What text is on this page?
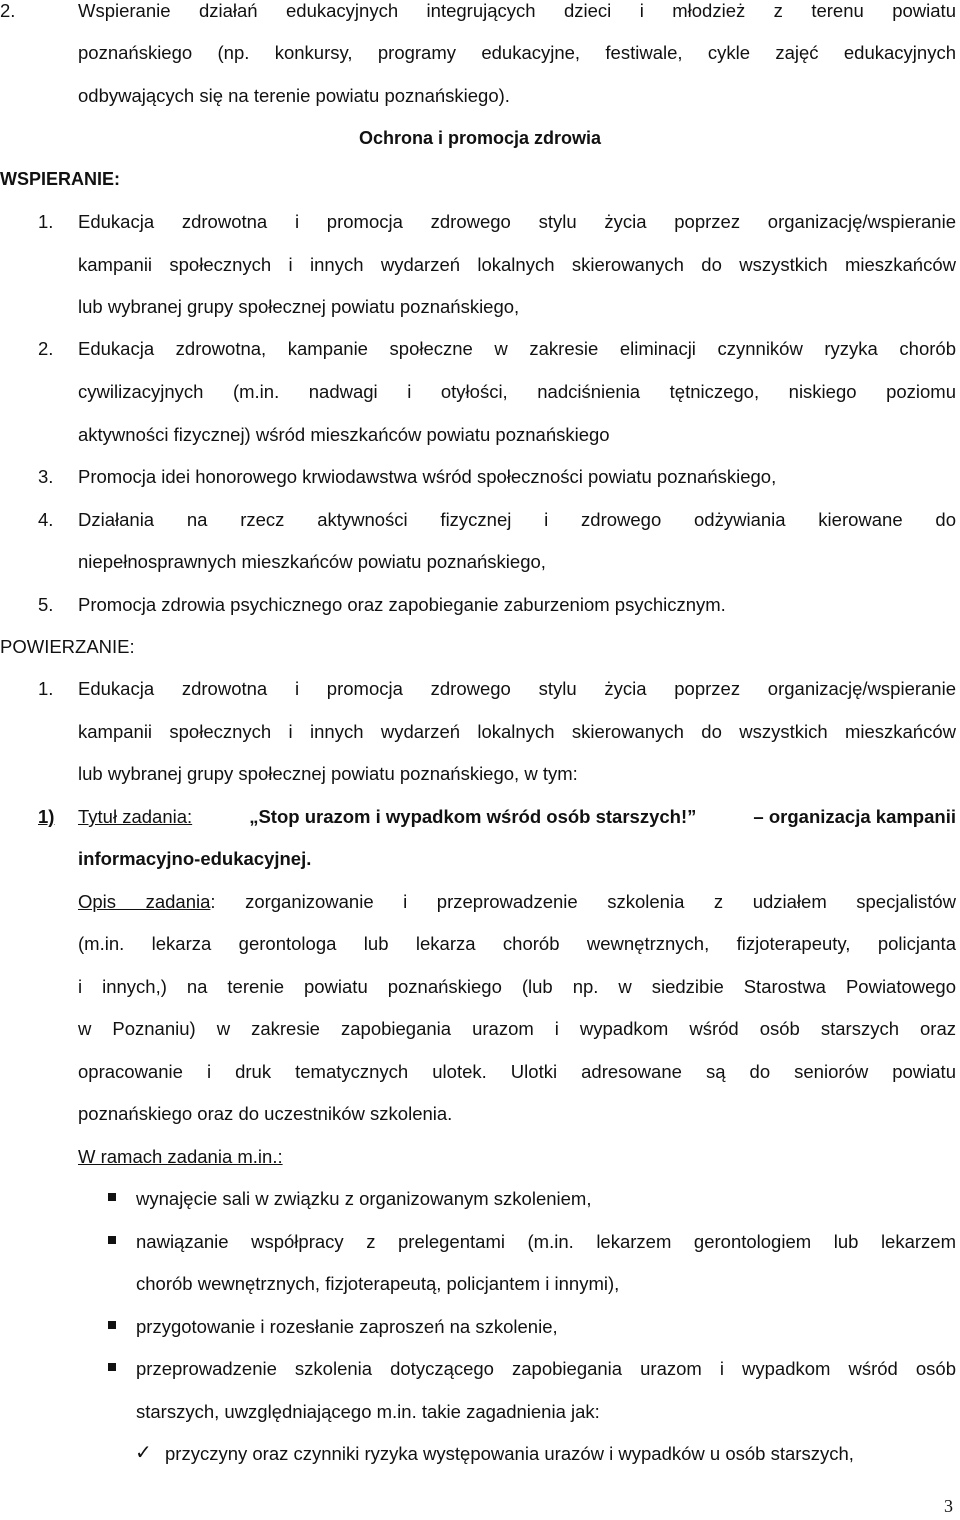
2.	Wspieranie działań edukacyjnych integrujących dzieci i młodzież z terenu powiatu
poznańskiego (np. konkursy, programy edukacyjne, festiwale, cykle zajęć edukacyjnych
odbywających się na terenie powiatu poznańskiego).
Ochrona i promocja zdrowia
WSPIERANIE:
1. Edukacja zdrowotna i promocja zdrowego stylu życia poprzez organizację/wspieranie
kampanii społecznych i innych wydarzeń lokalnych skierowanych do wszystkich mieszkańców
lub wybranej grupy społecznej powiatu poznańskiego,
2. Edukacja zdrowotna, kampanie społeczne w zakresie eliminacji czynników ryzyka chorób
cywilizacyjnych (m.in. nadwagi i otyłości, nadciśnienia tętniczego, niskiego poziomu
aktywności fizycznej) wśród mieszkańców powiatu poznańskiego
3. Promocja idei honorowego krwiodawstwa wśród społeczności powiatu poznańskiego,
4. Działania na rzecz aktywności fizycznej i zdrowego odżywiania kierowane do
niepełnosprawnych mieszkańców powiatu poznańskiego,
5. Promocja zdrowia psychicznego oraz zapobieganie zaburzeniom psychicznym.
POWIERZANIE:
1. Edukacja zdrowotna i promocja zdrowego stylu życia poprzez organizację/wspieranie
kampanii społecznych i innych wydarzeń lokalnych skierowanych do wszystkich mieszkańców
lub wybranej grupy społecznej powiatu poznańskiego, w tym:
1) Tytuł zadania:	„Stop urazom i wypadkom wśród osób starszych!”	– organizacja kampanii
informacyjno-edukacyjnej.
Opis zadania: zorganizowanie i przeprowadzenie szkolenia z udziałem specjalistów
(m.in. lekarza gerontologa lub lekarza chorób wewnętrznych, fizjoterapeuty, policjanta
i innych,) na terenie powiatu poznańskiego (lub np. w siedzibie Starostwa Powiatowego
w Poznaniu) w zakresie zapobiegania urazom i wypadkom wśród osób starszych oraz
opracowanie i druk tematycznych ulotek. Ulotki adresowane są do seniorów powiatu
poznańskiego oraz do uczestników szkolenia.
W ramach zadania m.in.:
wynajęcie sali w związku z organizowanym szkoleniem,
nawiązanie współpracy z prelegentami (m.in. lekarzem gerontologiem lub lekarzem
chorób wewnętrznych, fizjoterapeutą, policjantem i innymi),
przygotowanie i rozesłanie zaproszeń na szkolenie,
przeprowadzenie szkolenia dotyczącego zapobiegania urazom i wypadkom wśród osób
starszych, uwzględniającego m.in. takie zagadnienia jak:
✓ przyczyny oraz czynniki ryzyka występowania urazów i wypadków u osób starszych,
3
